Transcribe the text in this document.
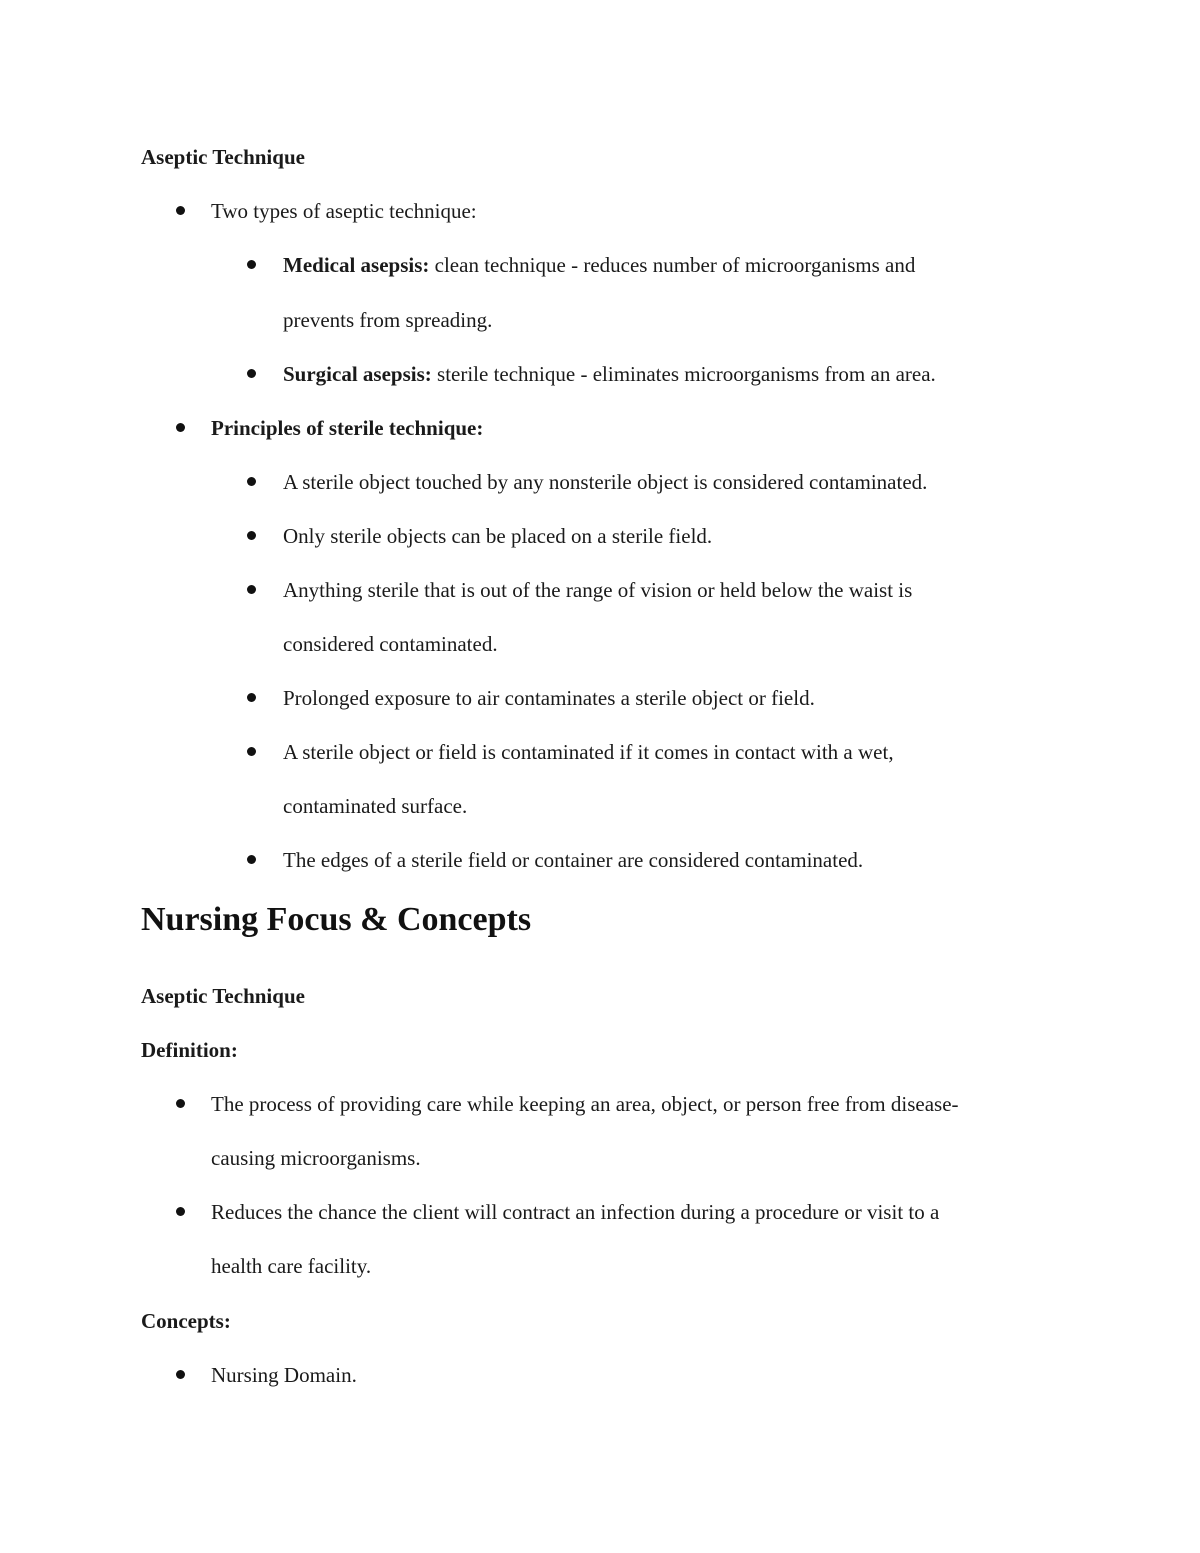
Aseptic Technique
Two types of aseptic technique:
Medical asepsis: clean technique - reduces number of microorganisms and
prevents from spreading.
Surgical asepsis: sterile technique - eliminates microorganisms from an area.
Principles of sterile technique:
A sterile object touched by any nonsterile object is considered contaminated.
Only sterile objects can be placed on a sterile field.
Anything sterile that is out of the range of vision or held below the waist is
considered contaminated.
Prolonged exposure to air contaminates a sterile object or field.
A sterile object or field is contaminated if it comes in contact with a wet,
contaminated surface.
The edges of a sterile field or container are considered contaminated.
Nursing Focus & Concepts
Aseptic Technique
Definition:
The process of providing care while keeping an area, object, or person free from disease-
causing microorganisms.
Reduces the chance the client will contract an infection during a procedure or visit to a
health care facility.
Concepts:
Nursing Domain.
